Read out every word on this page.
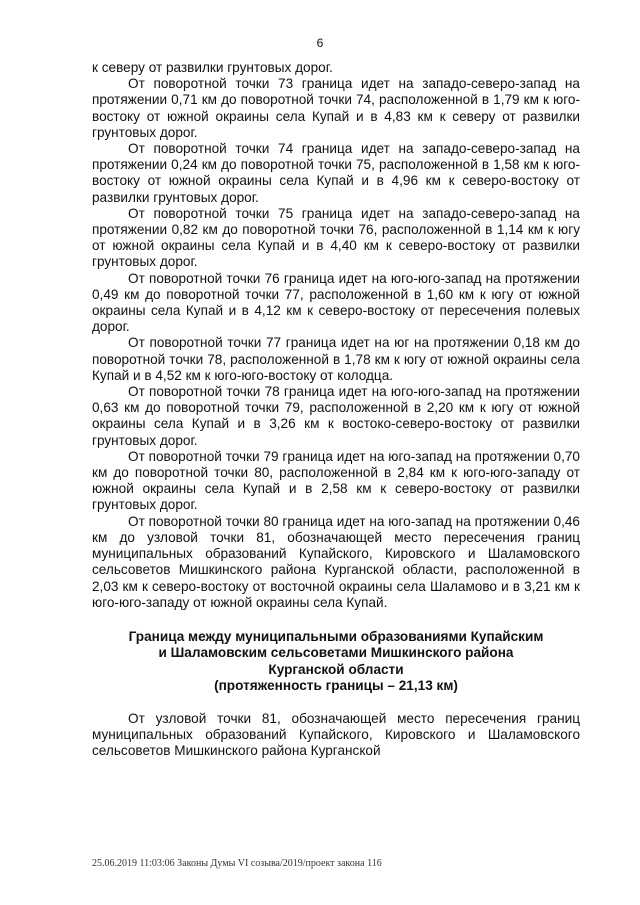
6

к северу от развилки грунтовых дорог.

От поворотной точки 73 граница идет на западо-северо-запад на протяжении 0,71 км до поворотной точки 74, расположенной в 1,79 км к юго-востоку от южной окраины села Купай и в 4,83 км к северу от развилки грунтовых дорог.

От поворотной точки 74 граница идет на западо-северо-запад на протяжении 0,24 км до поворотной точки 75, расположенной в 1,58 км к юго-востоку от южной окраины села Купай и в 4,96 км к северо-востоку от развилки грунтовых дорог.

От поворотной точки 75 граница идет на западо-северо-запад на протяжении 0,82 км до поворотной точки 76, расположенной в 1,14 км к югу от южной окраины села Купай и в 4,40 км к северо-востоку от развилки грунтовых дорог.

От поворотной точки 76 граница идет на юго-юго-запад на протяжении 0,49 км до поворотной точки 77, расположенной в 1,60 км к югу от южной окраины села Купай и в 4,12 км к северо-востоку от пересечения полевых дорог.

От поворотной точки 77 граница идет на юг на протяжении 0,18 км до поворотной точки 78, расположенной в 1,78 км к югу от южной окраины села Купай и в 4,52 км к юго-юго-востоку от колодца.

От поворотной точки 78 граница идет на юго-юго-запад на протяжении 0,63 км до поворотной точки 79, расположенной в 2,20 км к югу от южной окраины села Купай и в 3,26 км к востоко-северо-востоку от развилки грунтовых дорог.

От поворотной точки 79 граница идет на юго-запад на протяжении 0,70 км до поворотной точки 80, расположенной в 2,84 км к юго-юго-западу от южной окраины села Купай и в 2,58 км к северо-востоку от развилки грунтовых дорог.

От поворотной точки 80 граница идет на юго-запад на протяжении 0,46 км до узловой точки 81, обозначающей место пересечения границ муниципальных образований Купайского, Кировского и Шаламовского сельсоветов Мишкинского района Курганской области, расположенной в 2,03 км к северо-востоку от восточной окраины села Шаламово и в 3,21 км к юго-юго-западу от южной окраины села Купай.

Граница между муниципальными образованиями Купайским
и Шаламовским сельсоветами Мишкинского района
Курганской области
(протяженность границы – 21,13 км)

От узловой точки 81, обозначающей место пересечения границ муниципальных образований Купайского, Кировского и Шаламовского сельсоветов Мишкинского района Курганской

25.06.2019 11:03:06 Законы Думы VI созыва/2019/проект закона 116
